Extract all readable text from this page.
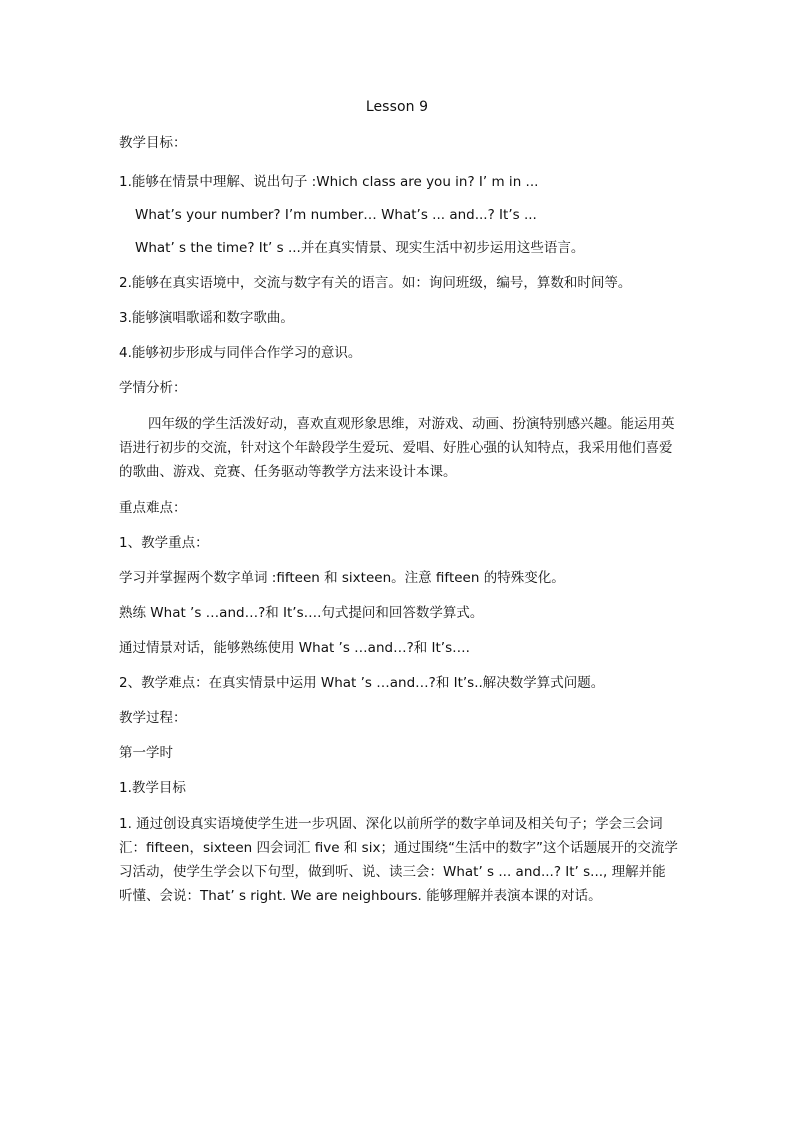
Lesson 9

教学目标：

1.能够在情景中理解、说出句子 :Which class are you in? I’ m in ...

What’s your number? I’m number… What’s ... and...? It’s ...

What’ s the time? It’ s ...并在真实情景、现实生活中初步运用这些语言。

2.能够在真实语境中，交流与数字有关的语言。如：询问班级，编号，算数和时间等。

3.能够演唱歌谣和数字歌曲。

4.能够初步形成与同伴合作学习的意识。

学情分析：

四年级的学生活泼好动，喜欢直观形象思维，对游戏、动画、扮演特别感兴趣。能运用英语进行初步的交流，针对这个年龄段学生爱玩、爱唱、好胜心强的认知特点，我采用他们喜爱的歌曲、游戏、竞赛、任务驱动等教学方法来设计本课。

重点难点：

1、教学重点：

学习并掌握两个数字单词 :fifteen 和 sixteen。注意 fifteen 的特殊变化。

熟练 What ’s …and…?和 It’s….句式提问和回答数学算式。

通过情景对话，能够熟练使用 What ’s …and…?和 It’s….

2、教学难点：在真实情景中运用 What ’s …and…?和 It’s..解决数学算式问题。

教学过程：

第一学时

1.教学目标

1. 通过创设真实语境使学生进一步巩固、深化以前所学的数字单词及相关句子；学会三会词汇：fifteen，sixteen 四会词汇 five 和 six；通过围绕“生活中的数字”这个话题展开的交流学习活动，使学生学会以下句型，做到听、说、读三会：What’ s ... and...? It’ s..., 理解并能听懂、会说：That’ s right. We are neighbours. 能够理解并表演本课的对话。
